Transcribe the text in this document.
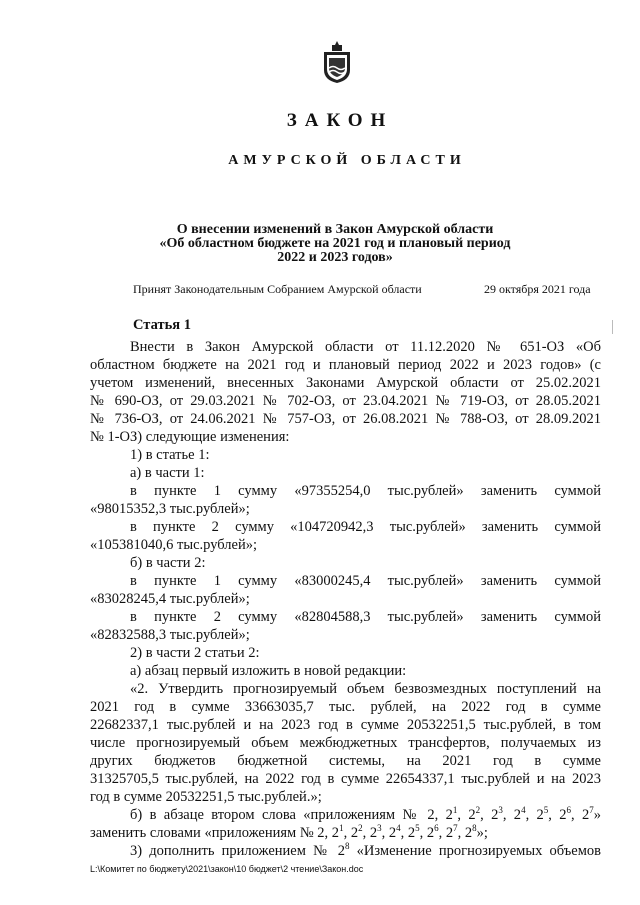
ЗАКОН
АМУРСКОЙ ОБЛАСТИ
О внесении изменений в Закон Амурской области
«Об областном бюджете на 2021 год и плановый период
2022 и 2023 годов»
Принят Законодательным Собранием Амурской области	29 октября 2021 года
Статья 1
Внести в Закон Амурской области от 11.12.2020 № 651-ОЗ «Об
областном бюджете на 2021 год и плановый период 2022 и 2023 годов» (с
учетом изменений, внесенных Законами Амурской области от 25.02.2021
№ 690-ОЗ, от 29.03.2021 № 702-ОЗ, от 23.04.2021 № 719-ОЗ, от 28.05.2021
№ 736-ОЗ, от 24.06.2021 № 757-ОЗ, от 26.08.2021 № 788-ОЗ, от 28.09.2021
№ 1-ОЗ) следующие изменения:
1) в статье 1:
а) в части 1:
в пункте 1 сумму «97355254,0 тыс.рублей» заменить суммой
«98015352,3 тыс.рублей»;
в пункте 2 сумму «104720942,3 тыс.рублей» заменить суммой
«105381040,6 тыс.рублей»;
б) в части 2:
в пункте 1 сумму «83000245,4 тыс.рублей» заменить суммой
«83028245,4 тыс.рублей»;
в пункте 2 сумму «82804588,3 тыс.рублей» заменить суммой
«82832588,3 тыс.рублей»;
2) в части 2 статьи 2:
а) абзац первый изложить в новой редакции:
«2. Утвердить прогнозируемый объем безвозмездных поступлений на
2021 год в сумме 33663035,7 тыс. рублей, на 2022 год в сумме
22682337,1 тыс.рублей и на 2023 год в сумме 20532251,5 тыс.рублей, в том
числе прогнозируемый объем межбюджетных трансфертов, получаемых из
других бюджетов бюджетной системы, на 2021 год в сумме
31325705,5 тыс.рублей, на 2022 год в сумме 22654337,1 тыс.рублей и на 2023
год в сумме 20532251,5 тыс.рублей.»;
б) в абзаце втором слова «приложениям № 2, $2^1$, $2^2$, $2^3$, $2^4$, $2^5$, $2^6$, $2^7$»
заменить словами «приложениям № 2, $2^1$, $2^2$, $2^3$, $2^4$, $2^5$, $2^6$, $2^7$, $2^8$»;
3) дополнить приложением № $2^8$ «Изменение прогнозируемых объемов
L:\Комитет по бюджету\2021\закон\10 бюджет\2 чтение\Закон.doc
